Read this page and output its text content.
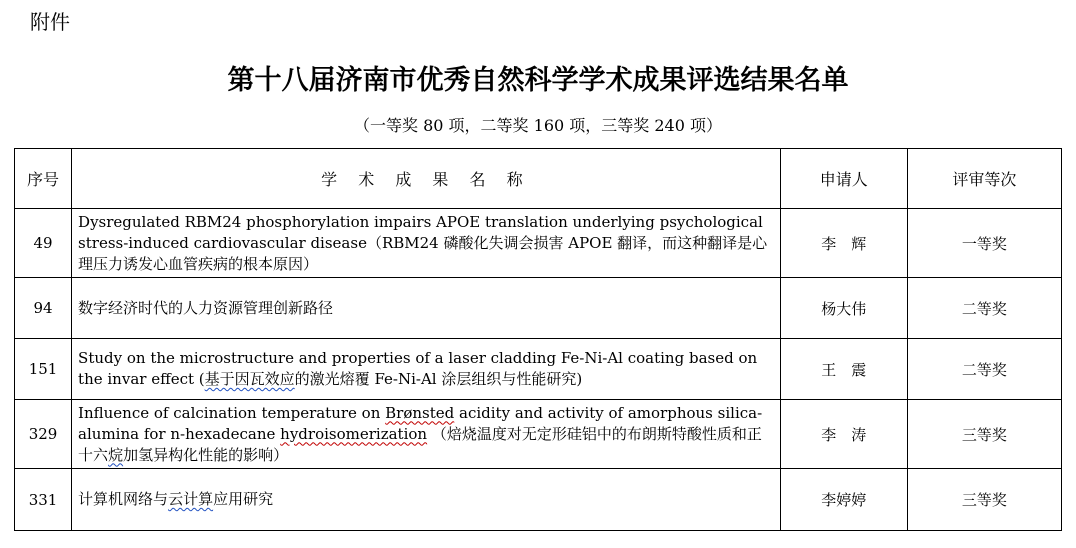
附件
第十八届济南市优秀自然科学学术成果评选结果名单
（一等奖 80 项，二等奖 160 项，三等奖 240 项）
序号	学 术 成 果 名 称	申请人	评审等次
49	Dysregulated RBM24 phosphorylation impairs APOE translation underlying psychological stress-induced cardiovascular disease（RBM24 磷酸化失调会损害 APOE 翻译，而这种翻译是心理压力诱发心血管疾病的根本原因）	李　辉	一等奖
94	数字经济时代的人力资源管理创新路径	杨大伟	二等奖
151	Study on the microstructure and properties of a laser cladding Fe-Ni-Al coating based on the invar effect (基于因瓦效应的激光熔覆 Fe-Ni-Al 涂层组织与性能研究)	王　震	二等奖
329	Influence of calcination temperature on Brønsted acidity and activity of amorphous silica-alumina for n-hexadecane hydroisomerization （焙烧温度对无定形硅铝中的布朗斯特酸性质和正十六烷加氢异构化性能的影响）	李　涛	三等奖
331	计算机网络与云计算应用研究	李婷婷	三等奖
